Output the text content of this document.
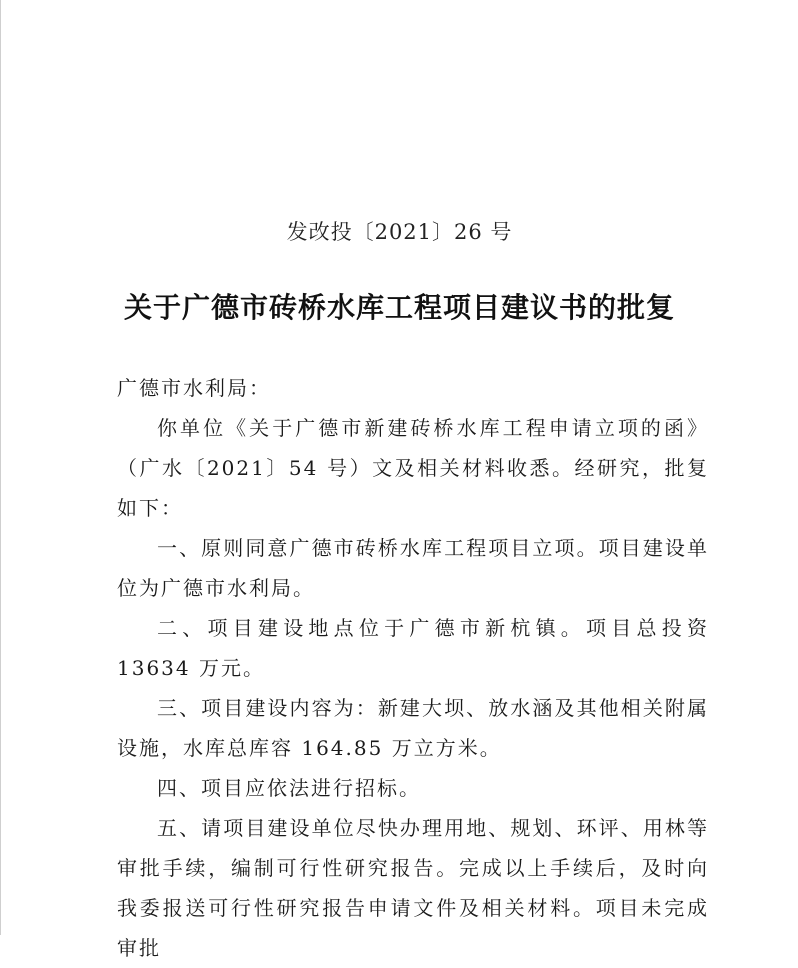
发改投〔2021〕26 号
关于广德市砖桥水库工程项目建议书的批复

广德市水利局：

你单位《关于广德市新建砖桥水库工程申请立项的函》（广水〔2021〕54 号）文及相关材料收悉。经研究，批复如下：

一、原则同意广德市砖桥水库工程项目立项。项目建设单位为广德市水利局。

二、项目建设地点位于广德市新杭镇。项目总投资 13634 万元。

三、项目建设内容为：新建大坝、放水涵及其他相关附属设施，水库总库容 164.85 万立方米。

四、项目应依法进行招标。

五、请项目建设单位尽快办理用地、规划、环评、用林等审批手续，编制可行性研究报告。完成以上手续后，及时向我委报送可行性研究报告申请文件及相关材料。项目未完成审批
